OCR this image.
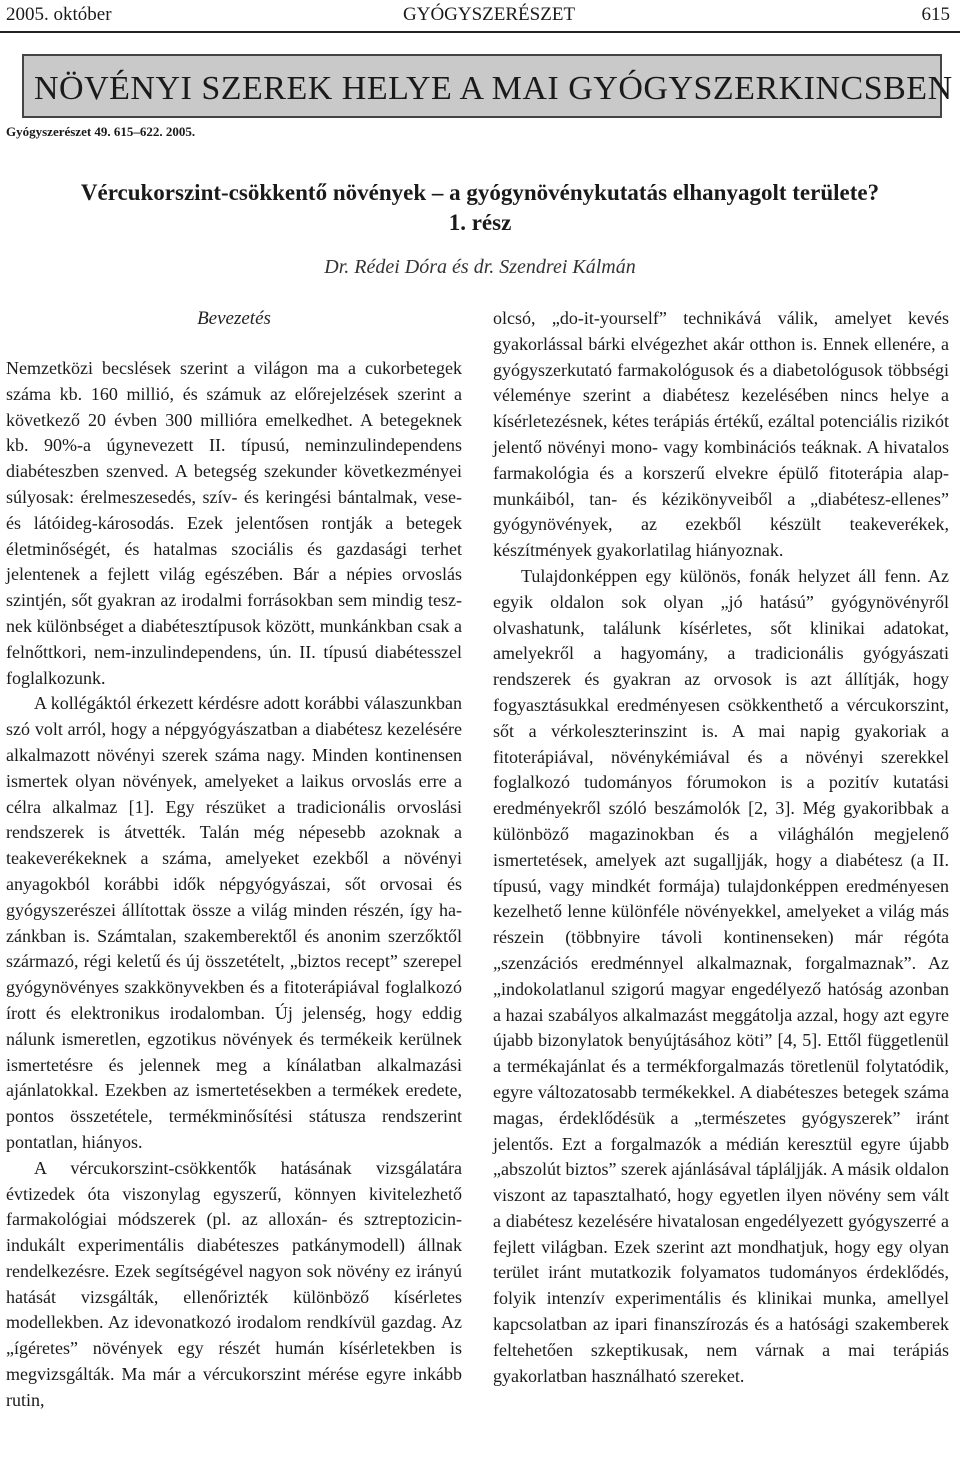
2005. október	GYÓGYSZERÉSZET	615
NÖVÉNYI SZEREK HELYE A MAI GYÓGYSZERKINCSBEN
Gyógyszerészet 49. 615–622. 2005.
Vércukorszint-csökkentő növények – a gyógynövénykutatás elhanyagolt területe?
1. rész
Dr. Rédei Dóra és dr. Szendrei Kálmán
Bevezetés

Nemzetközi becslések szerint a világon ma a cukorbetegek száma kb. 160 millió, és számuk az előrejelzések szerint a következő 20 évben 300 millióra emelkedhet. A betegeknek kb. 90%-a úgynevezett II. típusú, neminzulindependens diabéteszben szenved. A betegség szekunder következményei súlyosak: érelmeszesedés, szív- és keringési bántalmak, vese- és látóideg-károsodás. Ezek jelentősen rontják a betegek életminőségét, és hatalmas szociális és gazdasági terhet jelentenek a fejlett világ egészében. Bár a népies orvoslás szintjén, sőt gyakran az irodalmi forrásokban sem mindig tesznek különbséget a diabétesztípusok között, munkánkban csak a felnőttkori, nem-inzulindependens, ún. II. típusú diabétesszel foglalkozunk.

A kollégáktól érkezett kérdésre adott korábbi válaszunkban szó volt arról, hogy a népgyógyászatban a diabétesz kezelésére alkalmazott növényi szerek száma nagy. Minden kontinensen ismertek olyan növények, amelyeket a laikus orvoslás erre a célra alkalmaz [1]. Egy részüket a tradicionális orvoslási rendszerek is átvették. Talán még népesebb azoknak a teakeverékeknek a száma, amelyeket ezekből a növényi anyagokból korábbi idők népgyógyászai, sőt orvosai és gyógyszerészei állítottak össze a világ minden részén, így hazánkban is. Számtalan, szakemberektől és anonim szerzőktől származó, régi keletű és új összetételt, „biztos recept” szerepel gyógynövényes szakkönyvekben és a fitoterápiával foglalkozó írott és elektronikus irodalomban. Új jelenség, hogy eddig nálunk ismeretlen, egzotikus növények és termékeik kerülnek ismertetésre és jelennek meg a kínálatban alkalmazási ajánlatokkal. Ezekben az ismertetésekben a termékek eredete, pontos összetétele, termékminősítési státusza rendszerint pontatlan, hiányos.

A vércukorszint-csökkentők hatásának vizsgálatára évtizedek óta viszonylag egyszerű, könnyen kivitelezhető farmakológiai módszerek (pl. az alloxán- és sztreptozicin-indukált experimentális diabéteszes patkánymodell) állnak rendelkezésre. Ezek segítségével nagyon sok növény ez irányú hatását vizsgálták, ellenőrizték különböző kísérletes modellekben. Az idevonatkozó irodalom rendkívül gazdag. Az „ígéretes” növények egy részét humán kísérletekben is megvizsgálták. Ma már a vércukorszint mérése egyre inkább rutin,

olcsó, „do-it-yourself” technikává válik, amelyet kevés gyakorlással bárki elvégezhet akár otthon is. Ennek ellenére, a gyógyszerkutató farmakológusok és a diabetológusok többségi véleménye szerint a diabétesz kezelésében nincs helye a kísérletezésnek, kétes terápiás értékű, ezáltal potenciális rizikót jelentő növényi mono- vagy kombinációs teáknak. A hivatalos farmakológia és a korszerű elvekre épülő fitoterápia alapmunkáiból, tan- és kézikönyveiből a „diabétesz-ellenes” gyógynövények, az ezekből készült teakeverékek, készítmények gyakorlatilag hiányoznak.

Tulajdonképpen egy különös, fonák helyzet áll fenn. Az egyik oldalon sok olyan „jó hatású” gyógynövényről olvashatunk, találunk kísérletes, sőt klinikai adatokat, amelyekről a hagyomány, a tradicionális gyógyászati rendszerek és gyakran az orvosok is azt állítják, hogy fogyasztásukkal eredményesen csökkenthető a vércukorszint, sőt a vérkoleszterinszint is. A mai napig gyakoriak a fitoterápiával, növénykémiával és a növényi szerekkel foglalkozó tudományos fórumokon is a pozitív kutatási eredményekről szóló beszámolók [2, 3]. Még gyakoribbak a különböző magazinokban és a világhálón megjelenő ismertetések, amelyek azt sugalljják, hogy a diabétesz (a II. típusú, vagy mindkét formája) tulajdonképpen eredményesen kezelhető lenne különféle növényekkel, amelyeket a világ más részein (többnyire távoli kontinenseken) már régóta „szenzációs eredménnyel alkalmaznak, forgalmaznak”. Az „indokolatlanul szigorú magyar engedélyező hatóság azonban a hazai szabályos alkalmazást meggátolja azzal, hogy azt egyre újabb bizonylatok benyújtásához köti” [4, 5]. Ettől függetlenül a termékajánlat és a termékforgalmazás töretlenül folytatódik, egyre változatosabb termékekkel. A diabéteszes betegek száma magas, érdeklődésük a „természetes gyógyszerek” iránt jelentős. Ezt a forgalmazók a médián keresztül egyre újabb „abszolút biztos” szerek ajánlásával tápláljják. A másik oldalon viszont az tapasztalható, hogy egyetlen ilyen növény sem vált a diabétesz kezelésére hivatalosan engedélyezett gyógyszerré a fejlett világban. Ezek szerint azt mondhatjuk, hogy egy olyan terület iránt mutatkozik folyamatos tudományos érdeklődés, folyik intenzív experimentális és klinikai munka, amellyel kapcsolatban az ipari finanszírozás és a hatósági szakemberek feltehetően szkeptikusak, nem várnak a mai terápiás gyakorlatban használható szereket.
